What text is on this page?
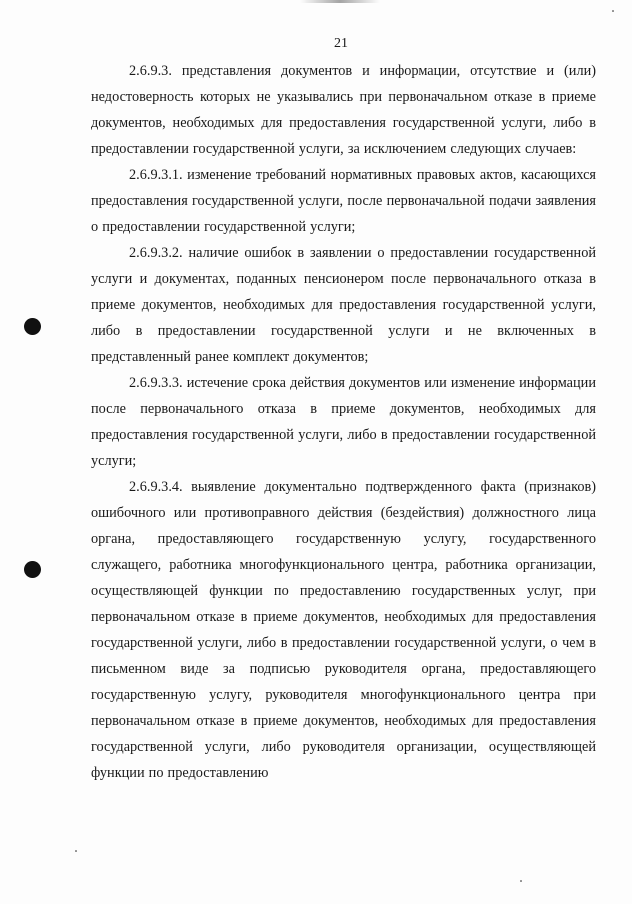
21

2.6.9.3. представления документов и информации, отсутствие и (или) недостоверность которых не указывались при первоначальном отказе в приеме документов, необходимых для предоставления государственной услуги, либо в предоставлении государственной услуги, за исключением следующих случаев:

2.6.9.3.1. изменение требований нормативных правовых актов, касающихся предоставления государственной услуги, после первоначальной подачи заявления о предоставлении государственной услуги;

2.6.9.3.2. наличие ошибок в заявлении о предоставлении государственной услуги и документах, поданных пенсионером после первоначального отказа в приеме документов, необходимых для предоставления государственной услуги, либо в предоставлении государственной услуги и не включенных в представленный ранее комплект документов;

2.6.9.3.3. истечение срока действия документов или изменение информации после первоначального отказа в приеме документов, необходимых для предоставления государственной услуги, либо в предоставлении государственной услуги;

2.6.9.3.4. выявление документально подтвержденного факта (признаков) ошибочного или противоправного действия (бездействия) должностного лица органа, предоставляющего государственную услугу, государственного служащего, работника многофункционального центра, работника организации, осуществляющей функции по предоставлению государственных услуг, при первоначальном отказе в приеме документов, необходимых для предоставления государственной услуги, либо в предоставлении государственной услуги, о чем в письменном виде за подписью руководителя органа, предоставляющего государственную услугу, руководителя многофункционального центра при первоначальном отказе в приеме документов, необходимых для предоставления государственной услуги, либо руководителя организации, осуществляющей функции по предоставлению
